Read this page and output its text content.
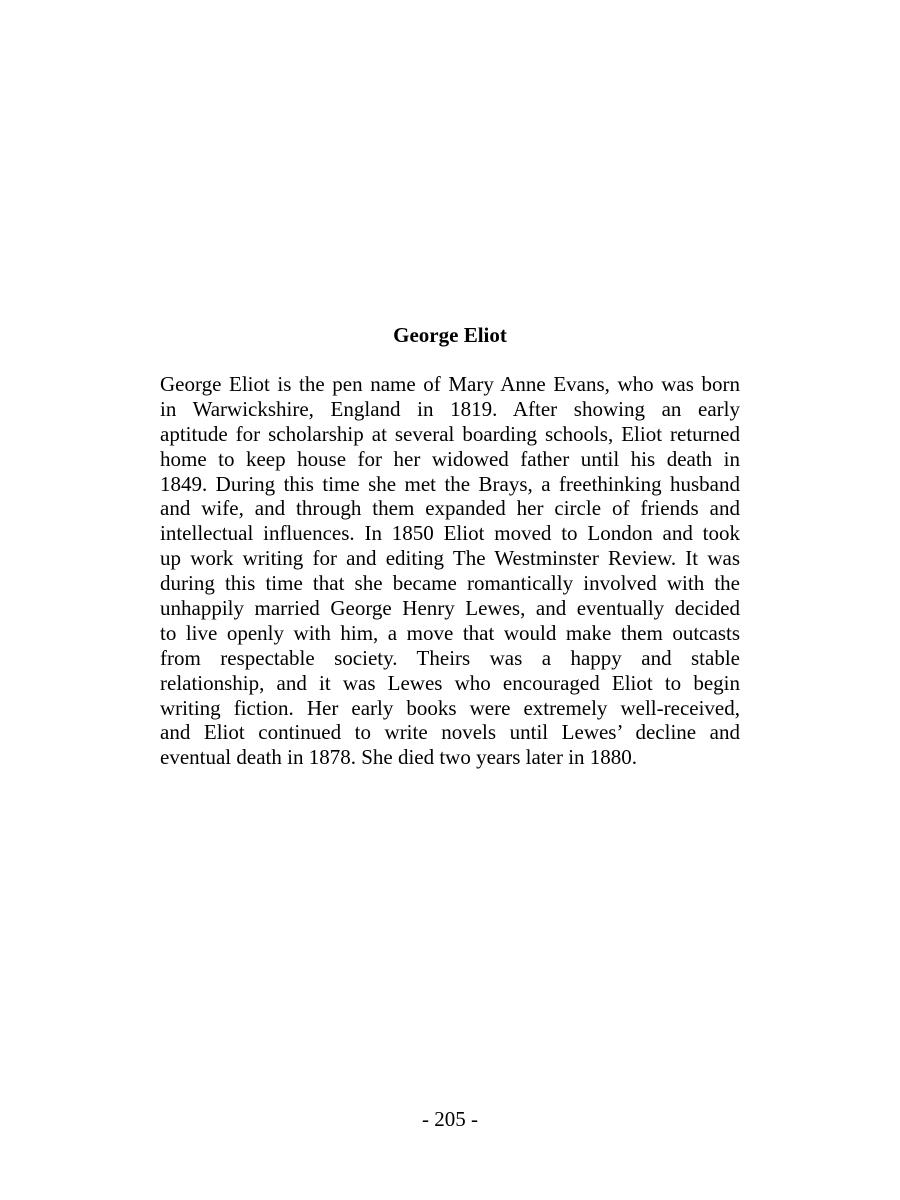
George Eliot
George Eliot is the pen name of Mary Anne Evans, who was born
in Warwickshire, England in 1819. After showing an early
aptitude for scholarship at several boarding schools, Eliot returned
home to keep house for her widowed father until his death in
1849. During this time she met the Brays, a freethinking husband
and wife, and through them expanded her circle of friends and
intellectual influences. In 1850 Eliot moved to London and took
up work writing for and editing The Westminster Review. It was
during this time that she became romantically involved with the
unhappily married George Henry Lewes, and eventually decided
to live openly with him, a move that would make them outcasts
from respectable society. Theirs was a happy and stable
relationship, and it was Lewes who encouraged Eliot to begin
writing fiction. Her early books were extremely well-received,
and Eliot continued to write novels until Lewes’ decline and
eventual death in 1878. She died two years later in 1880.

- 205 -
